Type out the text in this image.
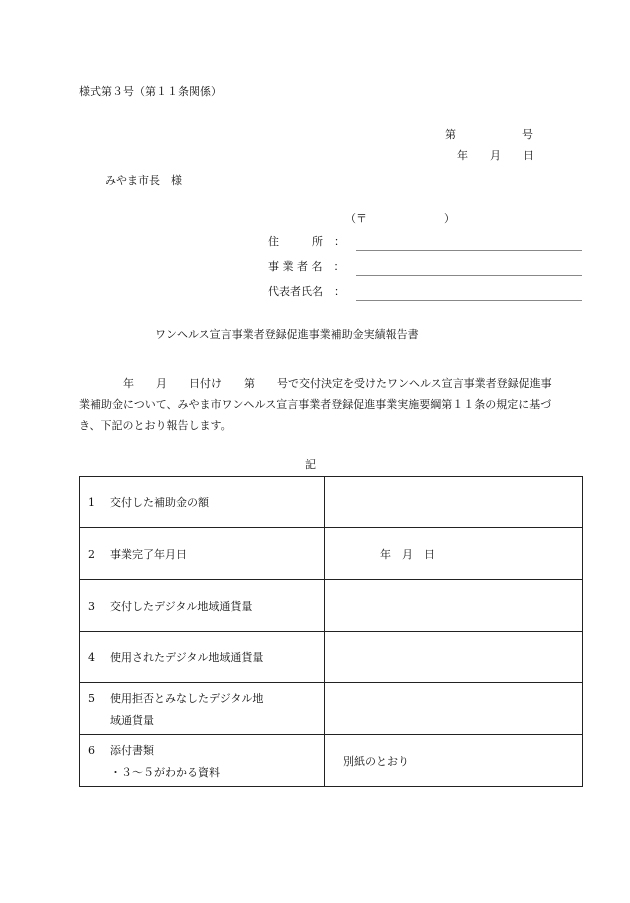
様式第３号（第１１条関係）
第　　　　　　号
年　　月　　日
みやま市長　様
（〒　　　　　　　）
住　　　所　：
事 業 者 名　：
代表者氏名　：
ワンヘルス宣言事業者登録促進事業補助金実績報告書
　　　　年　　月　　日付け　　第　　号で交付決定を受けたワンヘルス宣言事業者登録促進事業補助金について、みやま市ワンヘルス宣言事業者登録促進事業実施要綱第１１条の規定に基づき、下記のとおり報告します。
記
1 交付した補助金の額	
2 事業完了年月日	年　月　日
3 交付したデジタル地域通貨量	
4 使用されたデジタル地域通貨量	
5 使用拒否とみなしたデジタル地
域通貨量	

6 添付書類
・３～５がわかる資料	別紙のとおり
